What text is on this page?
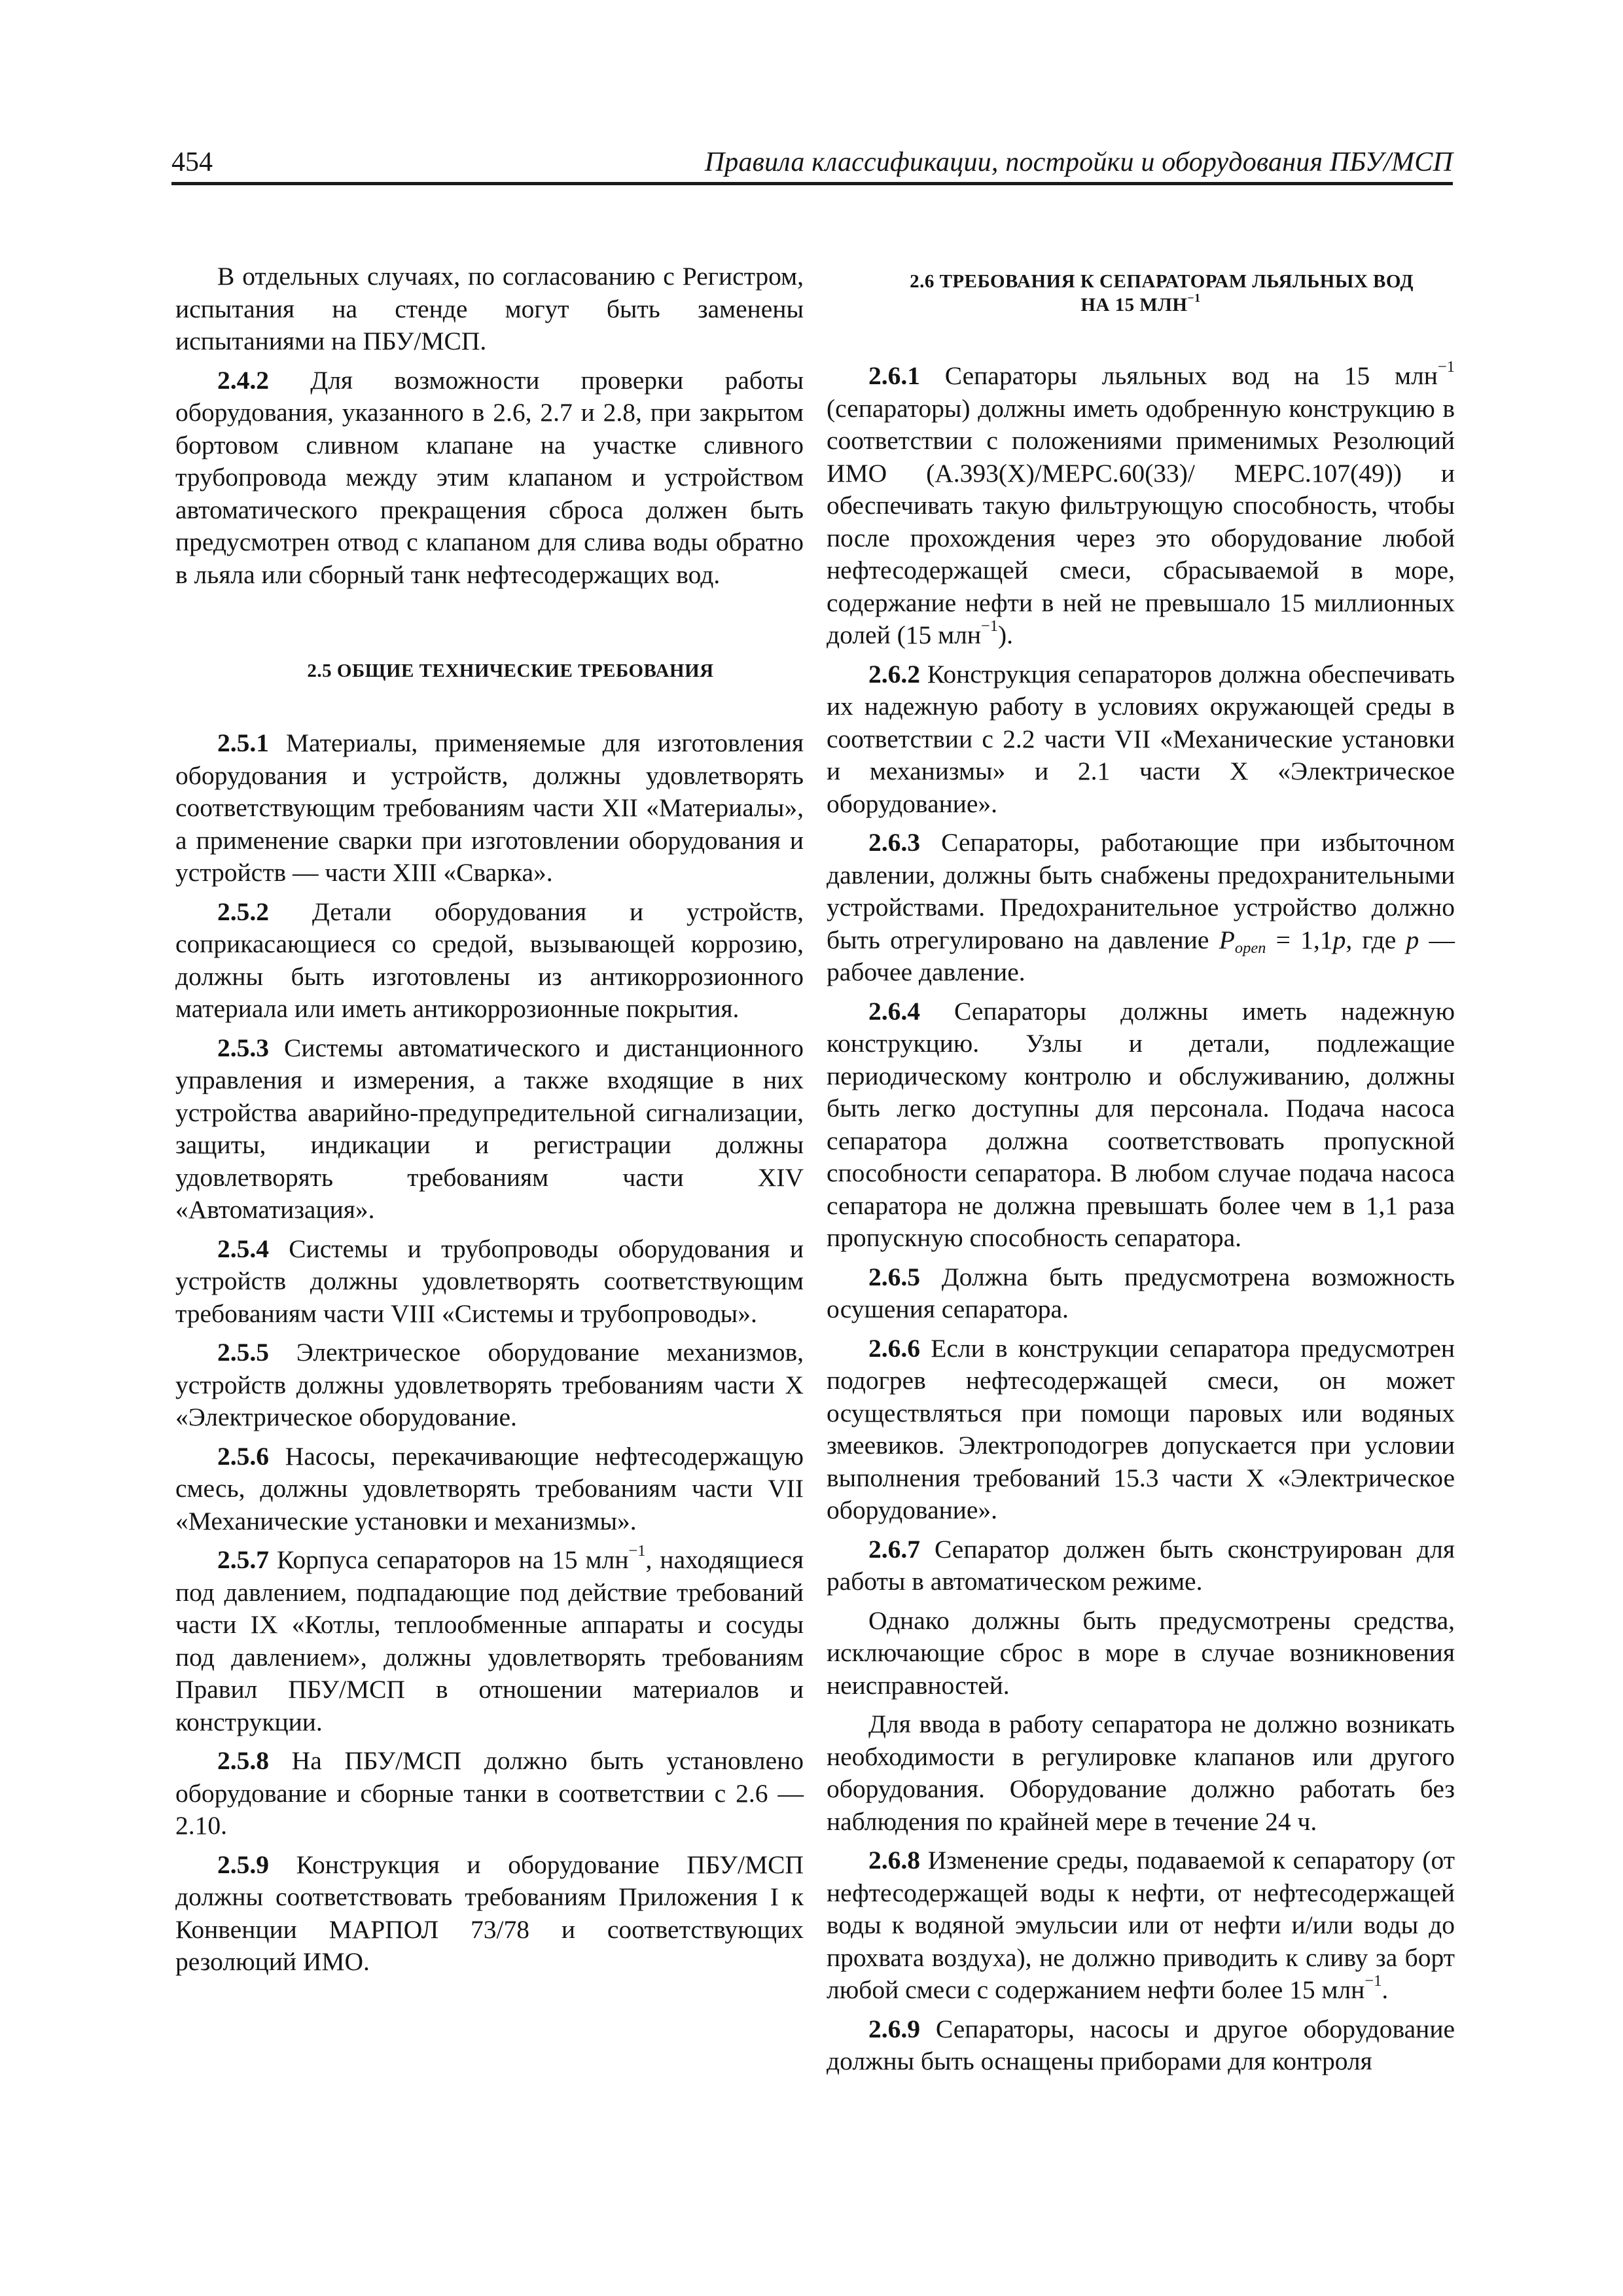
454	Правила классификации, постройки и оборудования ПБУ/МСП

В отдельных случаях, по согласованию с Регистром, испытания на стенде могут быть заменены испытаниями на ПБУ/МСП.

2.4.2 Для возможности проверки работы оборудования, указанного в 2.6, 2.7 и 2.8, при закрытом бортовом сливном клапане на участке сливного трубопровода между этим клапаном и устройством автоматического прекращения сброса должен быть предусмотрен отвод с клапаном для слива воды обратно в льяла или сборный танк нефтесодержащих вод.

2.5 ОБЩИЕ ТЕХНИЧЕСКИЕ ТРЕБОВАНИЯ

2.5.1 Материалы, применяемые для изготовления оборудования и устройств, должны удовлетворять соответствующим требованиям части XII «Материалы», а применение сварки при изготовлении оборудования и устройств — части XIII «Сварка».

2.5.2 Детали оборудования и устройств, соприкасающиеся со средой, вызывающей коррозию, должны быть изготовлены из антикоррозионного материала или иметь антикоррозионные покрытия.

2.5.3 Системы автоматического и дистанционного управления и измерения, а также входящие в них устройства аварийно-предупредительной сигнализации, защиты, индикации и регистрации должны удовлетворять требованиям части XIV «Автоматизация».

2.5.4 Системы и трубопроводы оборудования и устройств должны удовлетворять соответствующим требованиям части VIII «Системы и трубопроводы».

2.5.5 Электрическое оборудование механизмов, устройств должны удовлетворять требованиям части X «Электрическое оборудование.

2.5.6 Насосы, перекачивающие нефтесодержащую смесь, должны удовлетворять требованиям части VII «Механические установки и механизмы».

2.5.7 Корпуса сепараторов на 15 млн$^{-1}$, находящиеся под давлением, подпадающие под действие требований части IX «Котлы, теплообменные аппараты и сосуды под давлением», должны удовлетворять требованиям Правил ПБУ/МСП в отношении материалов и конструкции.

2.5.8 На ПБУ/МСП должно быть установлено оборудование и сборные танки в соответствии с 2.6 — 2.10.

2.5.9 Конструкция и оборудование ПБУ/МСП должны соответствовать требованиям Приложения I к Конвенции МАРПОЛ 73/78 и соответствующих резолюций ИМО.

2.6 ТРЕБОВАНИЯ К СЕПАРАТОРАМ ЛЬЯЛЬНЫХ ВОД
НА 15 $МЛН^{-1}$

2.6.1 Сепараторы льяльных вод на 15 млн$^{-1}$ (сепараторы) должны иметь одобренную конструкцию в соответствии с положениями применимых Резолюций ИМО (А.393(Х)/МЕРС.60(33)/ МЕРС.107(49)) и обеспечивать такую фильтрующую способность, чтобы после прохождения через это оборудование любой нефтесодержащей смеси, сбрасываемой в море, содержание нефти в ней не превышало 15 миллионных долей (15 млн$^{-1}$).

2.6.2 Конструкция сепараторов должна обеспечивать их надежную работу в условиях окружающей среды в соответствии с 2.2 части VII «Механические установки и механизмы» и 2.1 части X «Электрическое оборудование».

2.6.3 Сепараторы, работающие при избыточном давлении, должны быть снабжены предохранительными устройствами. Предохранительное устройство должно быть отрегулировано на давление $P_{open} = 1,1p$, где p — рабочее давление.

2.6.4 Сепараторы должны иметь надежную конструкцию. Узлы и детали, подлежащие периодическому контролю и обслуживанию, должны быть легко доступны для персонала. Подача насоса сепаратора должна соответствовать пропускной способности сепаратора. В любом случае подача насоса сепаратора не должна превышать более чем в 1,1 раза пропускную способность сепаратора.

2.6.5 Должна быть предусмотрена возможность осушения сепаратора.

2.6.6 Если в конструкции сепаратора предусмотрен подогрев нефтесодержащей смеси, он может осуществляться при помощи паровых или водяных змеевиков. Электроподогрев допускается при условии выполнения требований 15.3 части X «Электрическое оборудование».

2.6.7 Сепаратор должен быть сконструирован для работы в автоматическом режиме.

Однако должны быть предусмотрены средства, исключающие сброс в море в случае возникновения неисправностей.

Для ввода в работу сепаратора не должно возникать необходимости в регулировке клапанов или другого оборудования. Оборудование должно работать без наблюдения по крайней мере в течение 24 ч.

2.6.8 Изменение среды, подаваемой к сепаратору (от нефтесодержащей воды к нефти, от нефтесодержащей воды к водяной эмульсии или от нефти и/или воды до прохвата воздуха), не должно приводить к сливу за борт любой смеси с содержанием нефти более 15 млн$^{-1}$.

2.6.9 Сепараторы, насосы и другое оборудование должны быть оснащены приборами для контроля
